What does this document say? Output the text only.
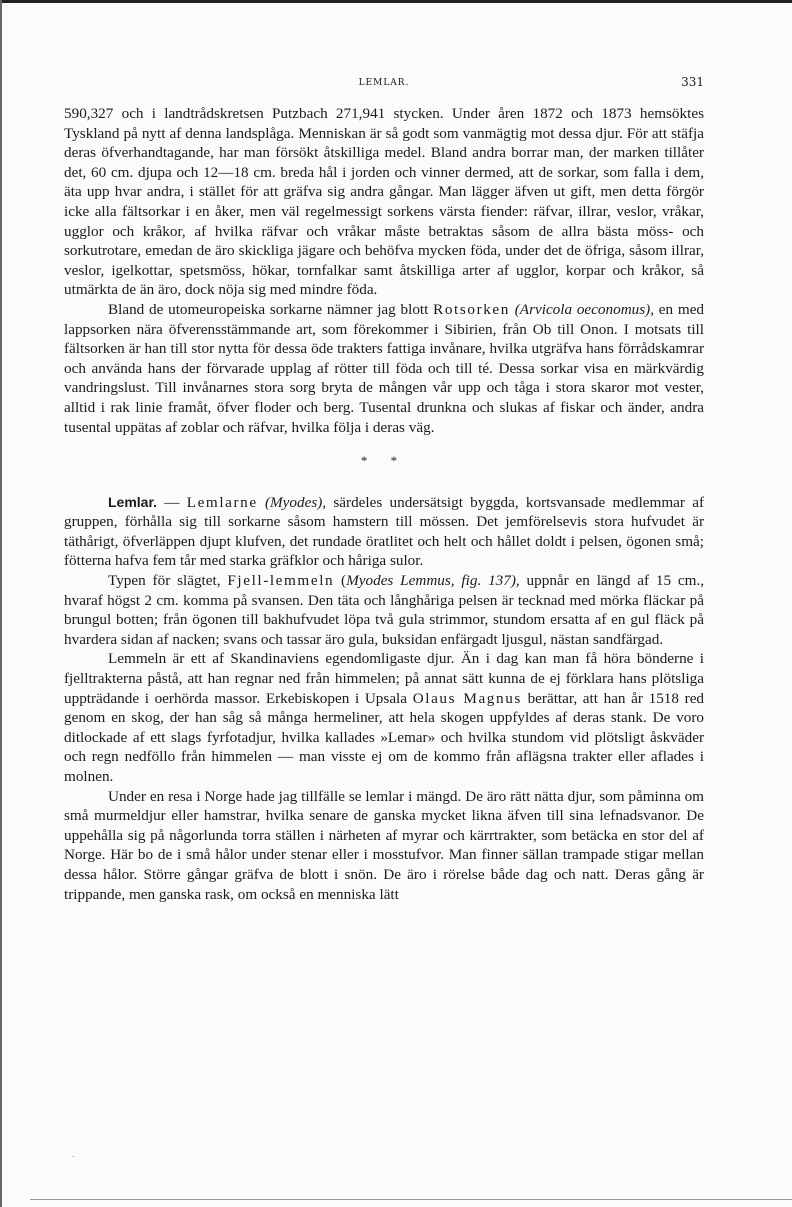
LEMLAR.	331

590,327 och i landtrådskretsen Putzbach 271,941 stycken. Under åren 1872 och 1873 hemsöktes Tyskland på nytt af denna landsplåga. Menniskan är så godt som vanmägtig mot dessa djur. För att stäfja deras öfverhandtagande, har man försökt åtskilliga medel. Bland andra borrar man, der marken tillåter det, 60 cm. djupa och 12—18 cm. breda hål i jorden och vinner dermed, att de sorkar, som falla i dem, äta upp hvar andra, i stället för att gräfva sig andra gångar. Man lägger äfven ut gift, men detta förgör icke alla fältsorkar i en åker, men väl regelmessigt sorkens värsta fiender: räfvar, illrar, veslor, vråkar, ugglor och kråkor, af hvilka räfvar och vråkar måste betraktas såsom de allra bästa möss- och sorkutrotare, emedan de äro skickliga jägare och behöfva mycken föda, under det de öfriga, såsom illrar, veslor, igelkottar, spetsmöss, hökar, tornfalkar samt åtskilliga arter af ugglor, korpar och kråkor, så utmärkta de än äro, dock nöja sig med mindre föda.

Bland de utomeuropeiska sorkarne nämner jag blott Rotsorken (Arvicola oeconomus), en med lappsorken nära öfverensstämmande art, som förekommer i Sibirien, från Ob till Onon. I motsats till fältsorken är han till stor nytta för dessa öde trakters fattiga invånare, hvilka utgräfva hans förrådskamrar och använda hans der förvarade upplag af rötter till föda och till té. Dessa sorkar visa en märkvärdig vandringslust. Till invånarnes stora sorg bryta de mången vår upp och tåga i stora skaror mot vester, alltid i rak linie framåt, öfver floder och berg. Tusental drunkna och slukas af fiskar och änder, andra tusental uppätas af zoblar och räfvar, hvilka följa i deras väg.

* *

Lemlar. — Lemlarne (Myodes), särdeles undersätsigt byggda, kortsvansade medlemmar af gruppen, förhålla sig till sorkarne såsom hamstern till mössen. Det jemförelsevis stora hufvudet är täthårigt, öfverläppen djupt klufven, det rundade öratlitet och helt och hållet doldt i pelsen, ögonen små; fötterna hafva fem tår med starka gräfklor och håriga sulor.

Typen för slägtet, Fjell-lemmeln (Myodes Lemmus, fig. 137), uppnår en längd af 15 cm., hvaraf högst 2 cm. komma på svansen. Den täta och långhåriga pelsen är tecknad med mörka fläckar på brungul botten; från ögonen till bakhufvudet löpa två gula strimmor, stundom ersatta af en gul fläck på hvardera sidan af nacken; svans och tassar äro gula, buksidan enfärgadt ljusgul, nästan sandfärgad.

Lemmeln är ett af Skandinaviens egendomligaste djur. Än i dag kan man få höra bönderne i fjelltrakterna påstå, att han regnar ned från himmelen; på annat sätt kunna de ej förklara hans plötsliga uppträdande i oerhörda massor. Erkebiskopen i Upsala Olaus Magnus berättar, att han år 1518 red genom en skog, der han såg så många hermeliner, att hela skogen uppfyldes af deras stank. De voro ditlockade af ett slags fyrfotadjur, hvilka kallades »Lemar» och hvilka stundom vid plötsligt åskväder och regn nedföllo från himmelen — man visste ej om de kommo från aflägsna trakter eller aflades i molnen.

Under en resa i Norge hade jag tillfälle se lemlar i mängd. De äro rätt nätta djur, som påminna om små murmeldjur eller hamstrar, hvilka senare de ganska mycket likna äfven till sina lefnadsvanor. De uppehålla sig på någorlunda torra ställen i närheten af myrar och kärrtrakter, som betäcka en stor del af Norge. Här bo de i små hålor under stenar eller i mosstufvor. Man finner sällan trampade stigar mellan dessa hålor. Större gångar gräfva de blott i snön. De äro i rörelse både dag och natt. Deras gång är trippande, men ganska rask, om också en menniska lätt

.
